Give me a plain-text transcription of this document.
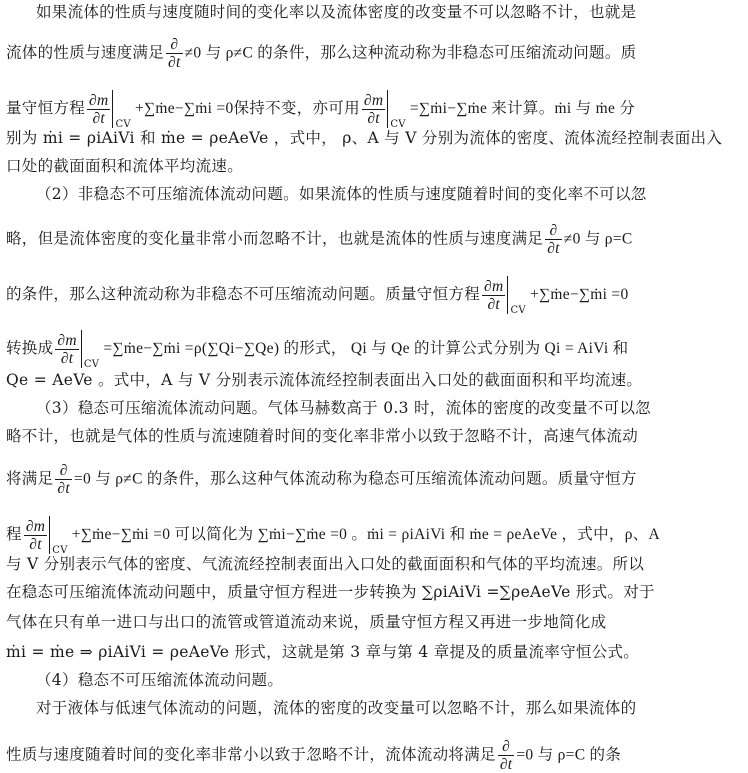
如果流体的性质与速度随时间的变化率以及流体密度的改变量不可以忽略不计，也就是
流体的性质与速度满足 $\frac{\partial}{\partial t} \ne 0$ 与 ρ≠C 的条件，那么这种流动称为非稳态可压缩流动问题。质
量守恒方程 $\frac{\partial m}{\partial t}$ CV+∑ṁe−∑ṁi =0保持不变，亦可用 $\frac{\partial m}{\partial t}$ CV=∑ṁi−∑ṁe 来计算。ṁi 与 ṁe 分
别为 ṁi = ρiAiVi 和 ṁe = ρeAeVe ，式中， ρ、A 与 V 分别为流体的密度、流体流经控制表面出入
口处的截面面积和流体平均流速。
（2）非稳态不可压缩流体流动问题。如果流体的性质与速度随着时间的变化率不可以忽
略，但是流体密度的变化量非常小而忽略不计，也就是流体的性质与速度满足 $\frac{\partial}{\partial t} \ne 0$ 与 ρ=C
的条件，那么这种流动称为非稳态不可压缩流动问题。质量守恒方程 $\frac{\partial m}{\partial t}$ CV+∑ṁe−∑ṁi =0
转换成 $\frac{\partial m}{\partial t}$ CV=∑ṁe−∑ṁi =ρ(∑Qi−∑Qe) 的形式， Qi 与 Qe 的计算公式分别为 Qi = AiVi 和
Qe = AeVe 。式中，A 与 V 分别表示流体流经控制表面出入口处的截面面积和平均流速。
（3）稳态可压缩流体流动问题。气体马赫数高于 0.3 时，流体的密度的改变量不可以忽
略不计，也就是气体的性质与流速随着时间的变化率非常小以致于忽略不计，高速气体流动
将满足 $\frac{\partial}{\partial t} =0$ 与 ρ≠C 的条件，那么这种气体流动称为稳态可压缩流体流动问题。质量守恒方
程 $\frac{\partial m}{\partial t}$ CV+∑ṁe−∑ṁi =0 可以简化为 ∑ṁi−∑ṁe =0 。ṁi = ρiAiVi 和 ṁe = ρeAeVe ，式中，ρ、A
与 V 分别表示气体的密度、气流流经控制表面出入口处的截面面积和气体的平均流速。所以
在稳态可压缩流体流动问题中，质量守恒方程进一步转换为 ∑ρiAiVi =∑ρeAeVe 形式。对于
气体在只有单一进口与出口的流管或管道流动来说，质量守恒方程又再进一步地简化成
ṁi = ṁe ⇒ ρiAiVi = ρeAeVe 形式，这就是第 3 章与第 4 章提及的质量流率守恒公式。
（4）稳态不可压缩流体流动问题。
对于液体与低速气体流动的问题，流体的密度的改变量可以忽略不计，那么如果流体的
性质与速度随着时间的变化率非常小以致于忽略不计，流体流动将满足 $\frac{\partial}{\partial t} =0$ 与 ρ=C 的条
